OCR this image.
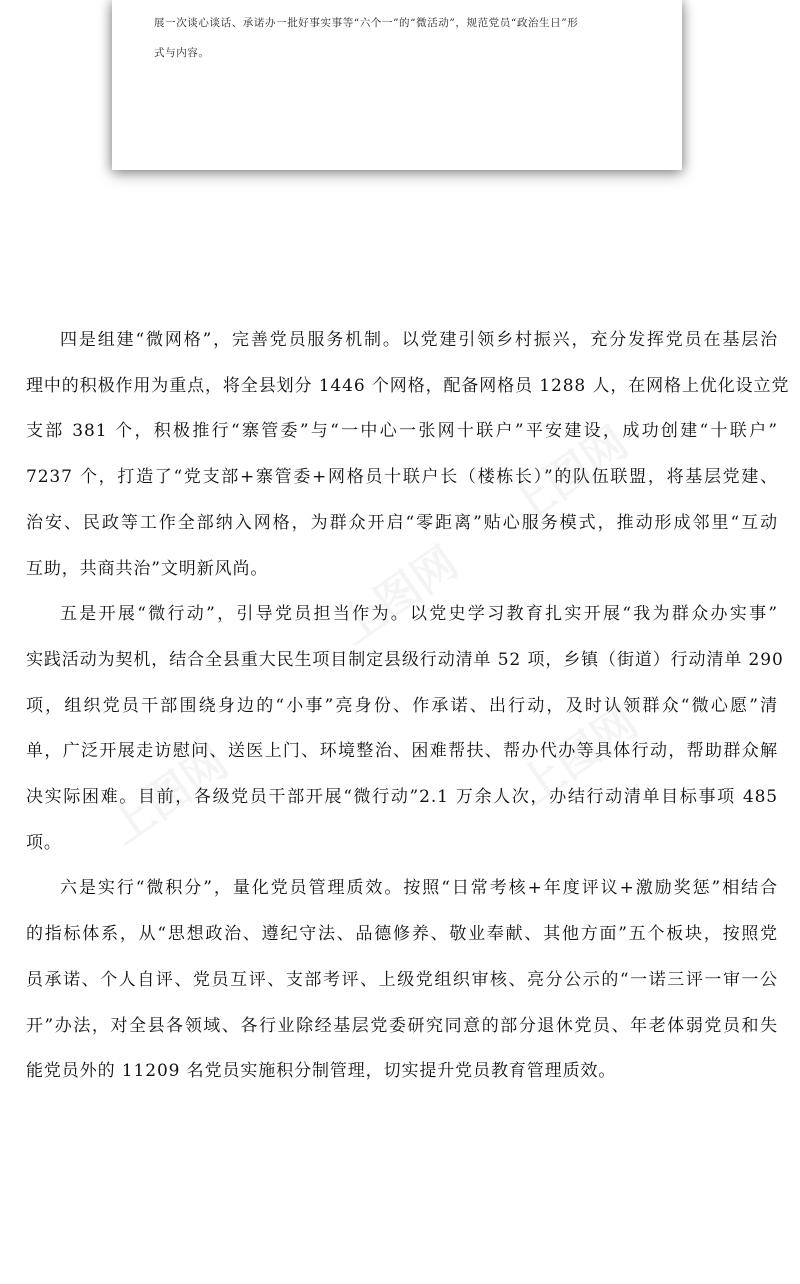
展一次谈心谈话、承诺办一批好事实事等“六个一”的“微活动”，规范党员“政治生日”形
式与内容。

四是组建“微网格”，完善党员服务机制。以党建引领乡村振兴，充分发挥党员在基层治
理中的积极作用为重点，将全县划分 1446 个网格，配备网格员 1288 人，在网格上优化设立党
支部 381 个，积极推行“寨管委”与“一中心一张网十联户”平安建设，成功创建“十联户”
7237 个，打造了“党支部+寨管委+网格员十联户长（楼栋长）”的队伍联盟，将基层党建、
治安、民政等工作全部纳入网格，为群众开启“零距离”贴心服务模式，推动形成邻里“互动
互助，共商共治”文明新风尚。

五是开展“微行动”，引导党员担当作为。以党史学习教育扎实开展“我为群众办实事”
实践活动为契机，结合全县重大民生项目制定县级行动清单 52 项，乡镇（街道）行动清单 290
项，组织党员干部围绕身边的“小事”亮身份、作承诺、出行动，及时认领群众“微心愿”清
单，广泛开展走访慰问、送医上门、环境整治、困难帮扶、帮办代办等具体行动，帮助群众解
决实际困难。目前，各级党员干部开展“微行动”2.1 万余人次，办结行动清单目标事项 485
项。

六是实行“微积分”，量化党员管理质效。按照“日常考核+年度评议+激励奖惩”相结合
的指标体系，从“思想政治、遵纪守法、品德修养、敬业奉献、其他方面”五个板块，按照党
员承诺、个人自评、党员互评、支部考评、上级党组织审核、亮分公示的“一诺三评一审一公
开”办法，对全县各领域、各行业除经基层党委研究同意的部分退休党员、年老体弱党员和失
能党员外的 11209 名党员实施积分制管理，切实提升党员教育管理质效。
